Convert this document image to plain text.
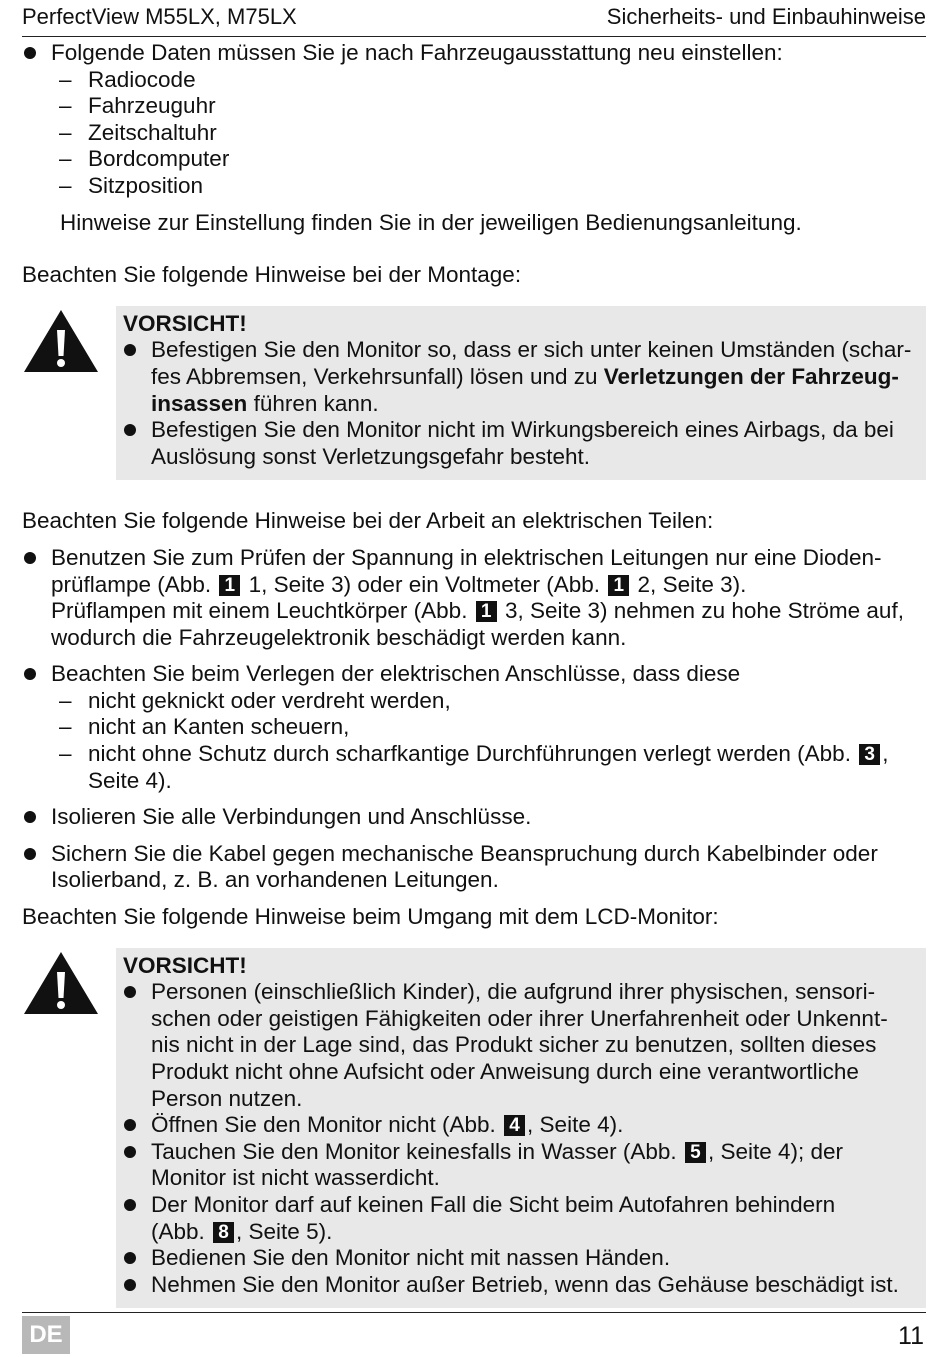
PerfectView M55LX, M75LX	Sicherheits- und Einbauhinweise
Folgende Daten müssen Sie je nach Fahrzeugausstattung neu einstellen:
– Radiocode
– Fahrzeuguhr
– Zeitschaltuhr
– Bordcomputer
– Sitzposition
Hinweise zur Einstellung finden Sie in der jeweiligen Bedienungsanleitung.
Beachten Sie folgende Hinweise bei der Montage:
VORSICHT!
Befestigen Sie den Monitor so, dass er sich unter keinen Umständen (schar-
fes Abbremsen, Verkehrsunfall) lösen und zu Verletzungen der Fahrzeug-
insassen führen kann.
Befestigen Sie den Monitor nicht im Wirkungsbereich eines Airbags, da bei
Auslösung sonst Verletzungsgefahr besteht.
Beachten Sie folgende Hinweise bei der Arbeit an elektrischen Teilen:
Benutzen Sie zum Prüfen der Spannung in elektrischen Leitungen nur eine Dioden-
prüflampe (Abb. 1 1, Seite 3) oder ein Voltmeter (Abb. 1 2, Seite 3).
Prüflampen mit einem Leuchtkörper (Abb. 1 3, Seite 3) nehmen zu hohe Ströme auf,
wodurch die Fahrzeugelektronik beschädigt werden kann.
Beachten Sie beim Verlegen der elektrischen Anschlüsse, dass diese
– nicht geknickt oder verdreht werden,
– nicht an Kanten scheuern,
– nicht ohne Schutz durch scharfkantige Durchführungen verlegt werden (Abb. 3 ,
Seite 4).
Isolieren Sie alle Verbindungen und Anschlüsse.
Sichern Sie die Kabel gegen mechanische Beanspruchung durch Kabelbinder oder
Isolierband, z. B. an vorhandenen Leitungen.
Beachten Sie folgende Hinweise beim Umgang mit dem LCD-Monitor:
VORSICHT!
Personen (einschließlich Kinder), die aufgrund ihrer physischen, sensori-
schen oder geistigen Fähigkeiten oder ihrer Unerfahrenheit oder Unkennt-
nis nicht in der Lage sind, das Produkt sicher zu benutzen, sollten dieses
Produkt nicht ohne Aufsicht oder Anweisung durch eine verantwortliche
Person nutzen.
Öffnen Sie den Monitor nicht (Abb. 4 , Seite 4).
Tauchen Sie den Monitor keinesfalls in Wasser (Abb. 5 , Seite 4); der
Monitor ist nicht wasserdicht.
Der Monitor darf auf keinen Fall die Sicht beim Autofahren behindern
(Abb. 8 , Seite 5).
Bedienen Sie den Monitor nicht mit nassen Händen.
Nehmen Sie den Monitor außer Betrieb, wenn das Gehäuse beschädigt ist.
DE	11
